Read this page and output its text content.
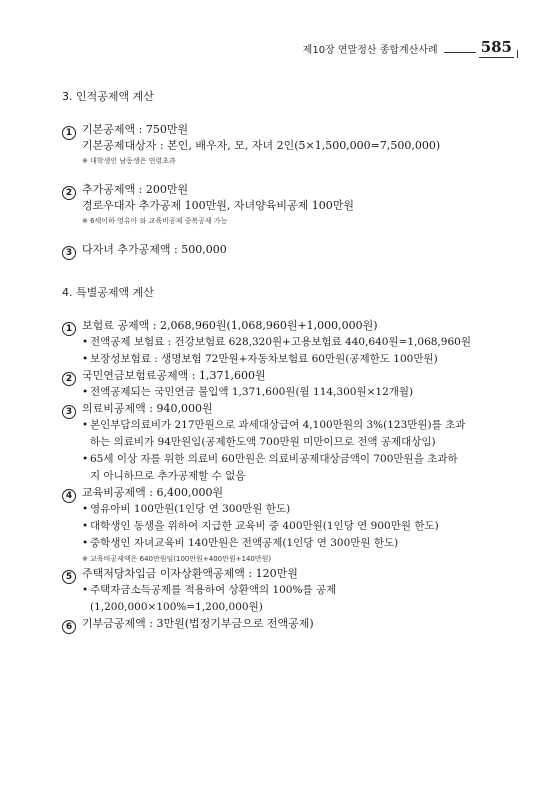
제10장 연말정산 종합계산사례	585
3. 인적공제액 계산
1 기본공제액 : 750만원
기본공제대상자 : 본인, 배우자, 모, 자녀 2인(5×1,500,000=7,500,000)
※ 대학생인 남동생은 연령초과
2 추가공제액 : 200만원
경로우대자 추가공제 100만원, 자녀양육비공제 100만원
※ 6세이하 영유아 와 교육비공제 중복공제 가능
3 다자녀 추가공제액 : 500,000
4. 특별공제액 계산
1 보험료 공제액 : 2,068,960원(1,068,960원+1,000,000원)
• 전액공제 보험료 : 건강보험료 628,320원+고용보험료 440,640원=1,068,960원
• 보장성보험료 : 생명보험 72만원+자동차보험료 60만원(공제한도 100만원)
2 국민연금보험료공제액 : 1,371,600원
• 전액공제되는 국민연금 불입액 1,371,600원(월 114,300원×12개월)
3 의료비공제액 : 940,000원
• 본인부담의료비가 217만원으로 과세대상급여 4,100만원의 3%(123만원)를 초과
하는 의료비가 94만원임(공제한도액 700만원 미만이므로 전액 공제대상임)
• 65세 이상 자를 위한 의료비 60만원은 의료비공제대상금액이 700만원을 초과하
지 아니하므로 추가공제할 수 없음
4 교육비공제액 : 6,400,000원
• 영유아비 100만원(1인당 연 300만원 한도)
• 대학생인 동생을 위하여 지급한 교육비 중 400만원(1인당 연 900만원 한도)
• 중학생인 자녀교육비 140만원은 전액공제(1인당 연 300만원 한도)
※ 교육비공제액은 640만원임(100만원+400만원+140만원)
5 주택저당차입금 이자상환액공제액 : 120만원
• 주택자금소득공제를 적용하여 상환액의 100%를 공제
(1,200,000×100%=1,200,000원)
6 기부금공제액 : 3만원(법정기부금으로 전액공제)
